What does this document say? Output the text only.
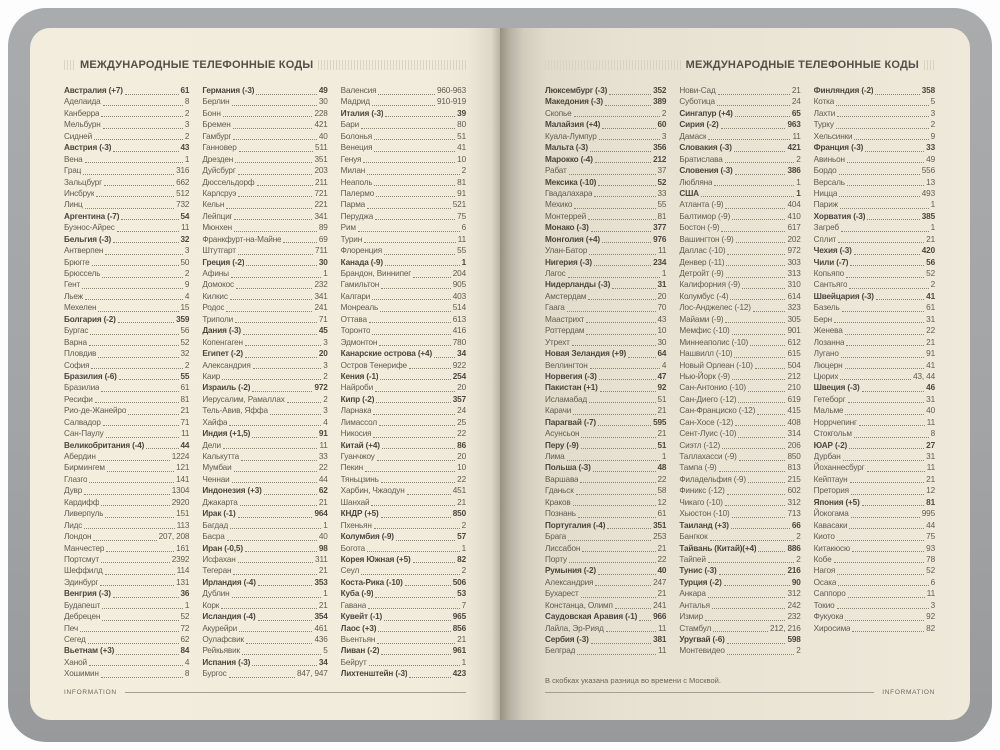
МЕЖДУНАРОДНЫЕ ТЕЛЕФОННЫЕ КОДЫ
Австралия (+7)	61
Аделаида	8
Канберра	2
Мельбурн	3
Сидней	2
Австрия (-3)	43
Вена	1
Грац	316
Зальцбург	662
Инсбрук	512
Линц	732
Аргентина (-7)	54
Буэнос-Айрес	11
Бельгия (-3)	32
Антверпен	3
Брюгге	50
Брюссель	2
Гент	9
Льеж	4
Мехелен	15
Болгария (-2)	359
Бургас	56
Варна	52
Пловдив	32
София	2
Бразилия (-6)	55
Бразилиа	61
Ресифи	81
Рио-де-Жанейро	21
Салвадор	71
Сан-Паулу	11
Великобритания (-4)	44
Абердин	1224
Бирмингем	121
Глазго	141
Дувр	1304
Кардифф	2920
Ливерпуль	151
Лидс	113
Лондон	207, 208
Манчестер	161
Портсмут	2392
Шеффилд	114
Эдинбург	131
Венгрия (-3)	36
Будапешт	1
Дебрецен	52
Печ	72
Сегед	62
Вьетнам (+3)	84
Ханой	4
Хошимин	8
Германия (-3)	49
Берлин	30
Бонн	228
Бремен	421
Гамбург	40
Ганновер	511
Дрезден	351
Дуйсбург	203
Дюссельдорф	211
Карлсруэ	721
Кельн	221
Лейпциг	341
Мюнхен	89
Франкфурт-на-Майне	69
Штутгарт	711
Греция (-2)	30
Афины	1
Домокос	232
Килкис	341
Родос	241
Триполи	71
Дания (-3)	45
Копенгаген	3
Египет (-2)	20
Александрия	3
Каир	2
Израиль (-2)	972
Иерусалим, Рамаллах	2
Тель-Авив, Яффа	3
Хайфа	4
Индия (+1,5)	91
Дели	11
Калькутта	33
Мумбаи	22
Ченнаи	44
Индонезия (+3)	62
Джакарта	21
Ирак (-1)	964
Багдад	1
Басра	40
Иран (-0,5)	98
Исфахан	311
Тегеран	21
Ирландия (-4)	353
Дублин	1
Корк	21
Исландия (-4)	354
Акурейри	461
Оулафсвик	436
Рейкьявик	5
Испания (-3)	34
Бургос	847, 947
Валенсия	960-963
Мадрид	910-919
Италия (-3)	39
Бари	80
Болонья	51
Венеция	41
Генуя	10
Милан	2
Неаполь	81
Палермо	91
Парма	521
Перуджа	75
Рим	6
Турин	11
Флоренция	55
Канада (-9)	1
Брандон, Виннипег	204
Гамильтон	905
Калгари	403
Монреаль	514
Оттава	613
Торонто	416
Эдмонтон	780
Канарские острова (+4)	34
Остров Тенерифе	922
Кения (-1)	254
Найроби	20
Кипр (-2)	357
Ларнака	24
Лимассол	25
Никосия	22
Китай (+4)	86
Гуанчжоу	20
Пекин	10
Тяньцзинь	22
Харбин, Чжаодун	451
Шанхай	21
КНДР (+5)	850
Пхеньян	2
Колумбия (-9)	57
Богота	1
Корея Южная (+5)	82
Сеул	2
Коста-Рика (-10)	506
Куба (-9)	53
Гавана	7
Кувейт (-1)	965
Лаос (+3)	856
Вьентьян	21
Ливан (-2)	961
Бейрут	1
Лихтенштейн (-3)	423
INFORMATION
МЕЖДУНАРОДНЫЕ ТЕЛЕФОННЫЕ КОДЫ
Люксембург (-3)	352
Македония (-3)	389
Скопье	2
Малайзия (+4)	60
Куала-Лумпур	3
Мальта (-3)	356
Марокко (-4)	212
Рабат	37
Мексика (-10)	52
Гвадалахара	33
Мехико	55
Монтеррей	81
Монако (-3)	377
Монголия (+4)	976
Улан-Батор	11
Нигерия (-3)	234
Лагос	1
Нидерланды (-3)	31
Амстердам	20
Гаага	70
Маастрихт	43
Роттердам	10
Утрехт	30
Новая Зеландия (+9)	64
Веллингтон	4
Норвегия (-3)	47
Пакистан (+1)	92
Исламабад	51
Карачи	21
Парагвай (-7)	595
Асунсьон	21
Перу (-9)	51
Лима	1
Польша (-3)	48
Варшава	22
Гданьск	58
Краков	12
Познань	61
Португалия (-4)	351
Брага	253
Лиссабон	21
Порту	22
Румыния (-2)	40
Александрия	247
Бухарест	21
Констанца, Олимп	241
Саудовская Аравия (-1) 966
Лайла, Эр-Рияд	11
Сербия (-3)	381
Белград	11
Нови-Сад	21
Суботица	24
Сингапур (+4)	65
Сирия (-2)	963
Дамаск	11
Словакия (-3)	421
Братислава	2
Словения (-3)	386
Любляна	1
США	1
Атланта (-9)	404
Балтимор (-9)	410
Бостон (-9)	617
Вашингтон (-9)	202
Даллас (-10)	972
Денвер (-11)	303
Детройт (-9)	313
Калифорния (-9)	310
Колумбус (-4)	614
Лос-Анджелес (-12)	323
Майами (-9)	305
Мемфис (-10)	901
Миннеаполис (-10)	612
Нашвилл (-10)	615
Новый Орлеан (-10)	504
Нью-Йорк (-9)	212
Сан-Антонио (-10)	210
Сан-Диего (-12)	619
Сан-Франциско (-12)	415
Сан-Хосе (-12)	408
Сент-Луис (-10)	314
Сиэтл (-12)	206
Таллахасси (-9)	850
Тампа (-9)	813
Филадельфия (-9)	215
Финикс (-12)	602
Чикаго (-10)	312
Хьюстон (-10)	713
Таиланд (+3)	66
Бангкок	2
Тайвань (Китай)(+4)	886
Тайпей	2
Тунис (-3)	216
Турция (-2)	90
Анкара	312
Анталья	242
Измир	232
Стамбул	212, 216
Уругвай (-6)	598
Монтевидео	2
Финляндия (-2)	358
Котка	5
Лахти	3
Турку	2
Хельсинки	9
Франция (-3)	33
Авиньон	49
Бордо	556
Версаль	13
Ницца	493
Париж	1
Хорватия (-3)	385
Загреб	1
Сплит	21
Чехия (-3)	420
Чили (-7)	56
Копьяпо	52
Сантьяго	2
Швейцария (-3)	41
Базель	61
Берн	31
Женева	22
Лозанна	21
Лугано	91
Люцерн	41
Цюрих	43, 44
Швеция (-3)	46
Гетеборг	31
Мальме	40
Норрчепинг	11
Стокгольм	8
ЮАР (-2)	27
Дурбан	31
Йоханнесбург	11
Кейптаун	21
Претория	12
Япония (+5)	81
Йокогама	995
Кавасаки	44
Киото	75
Китакюсю	93
Кобе	78
Нагоя	52
Осака	6
Саппоро	11
Токио	3
Фукуока	92
Хиросима	82

В скобках указана разница во времени с Москвой.

INFORMATION
